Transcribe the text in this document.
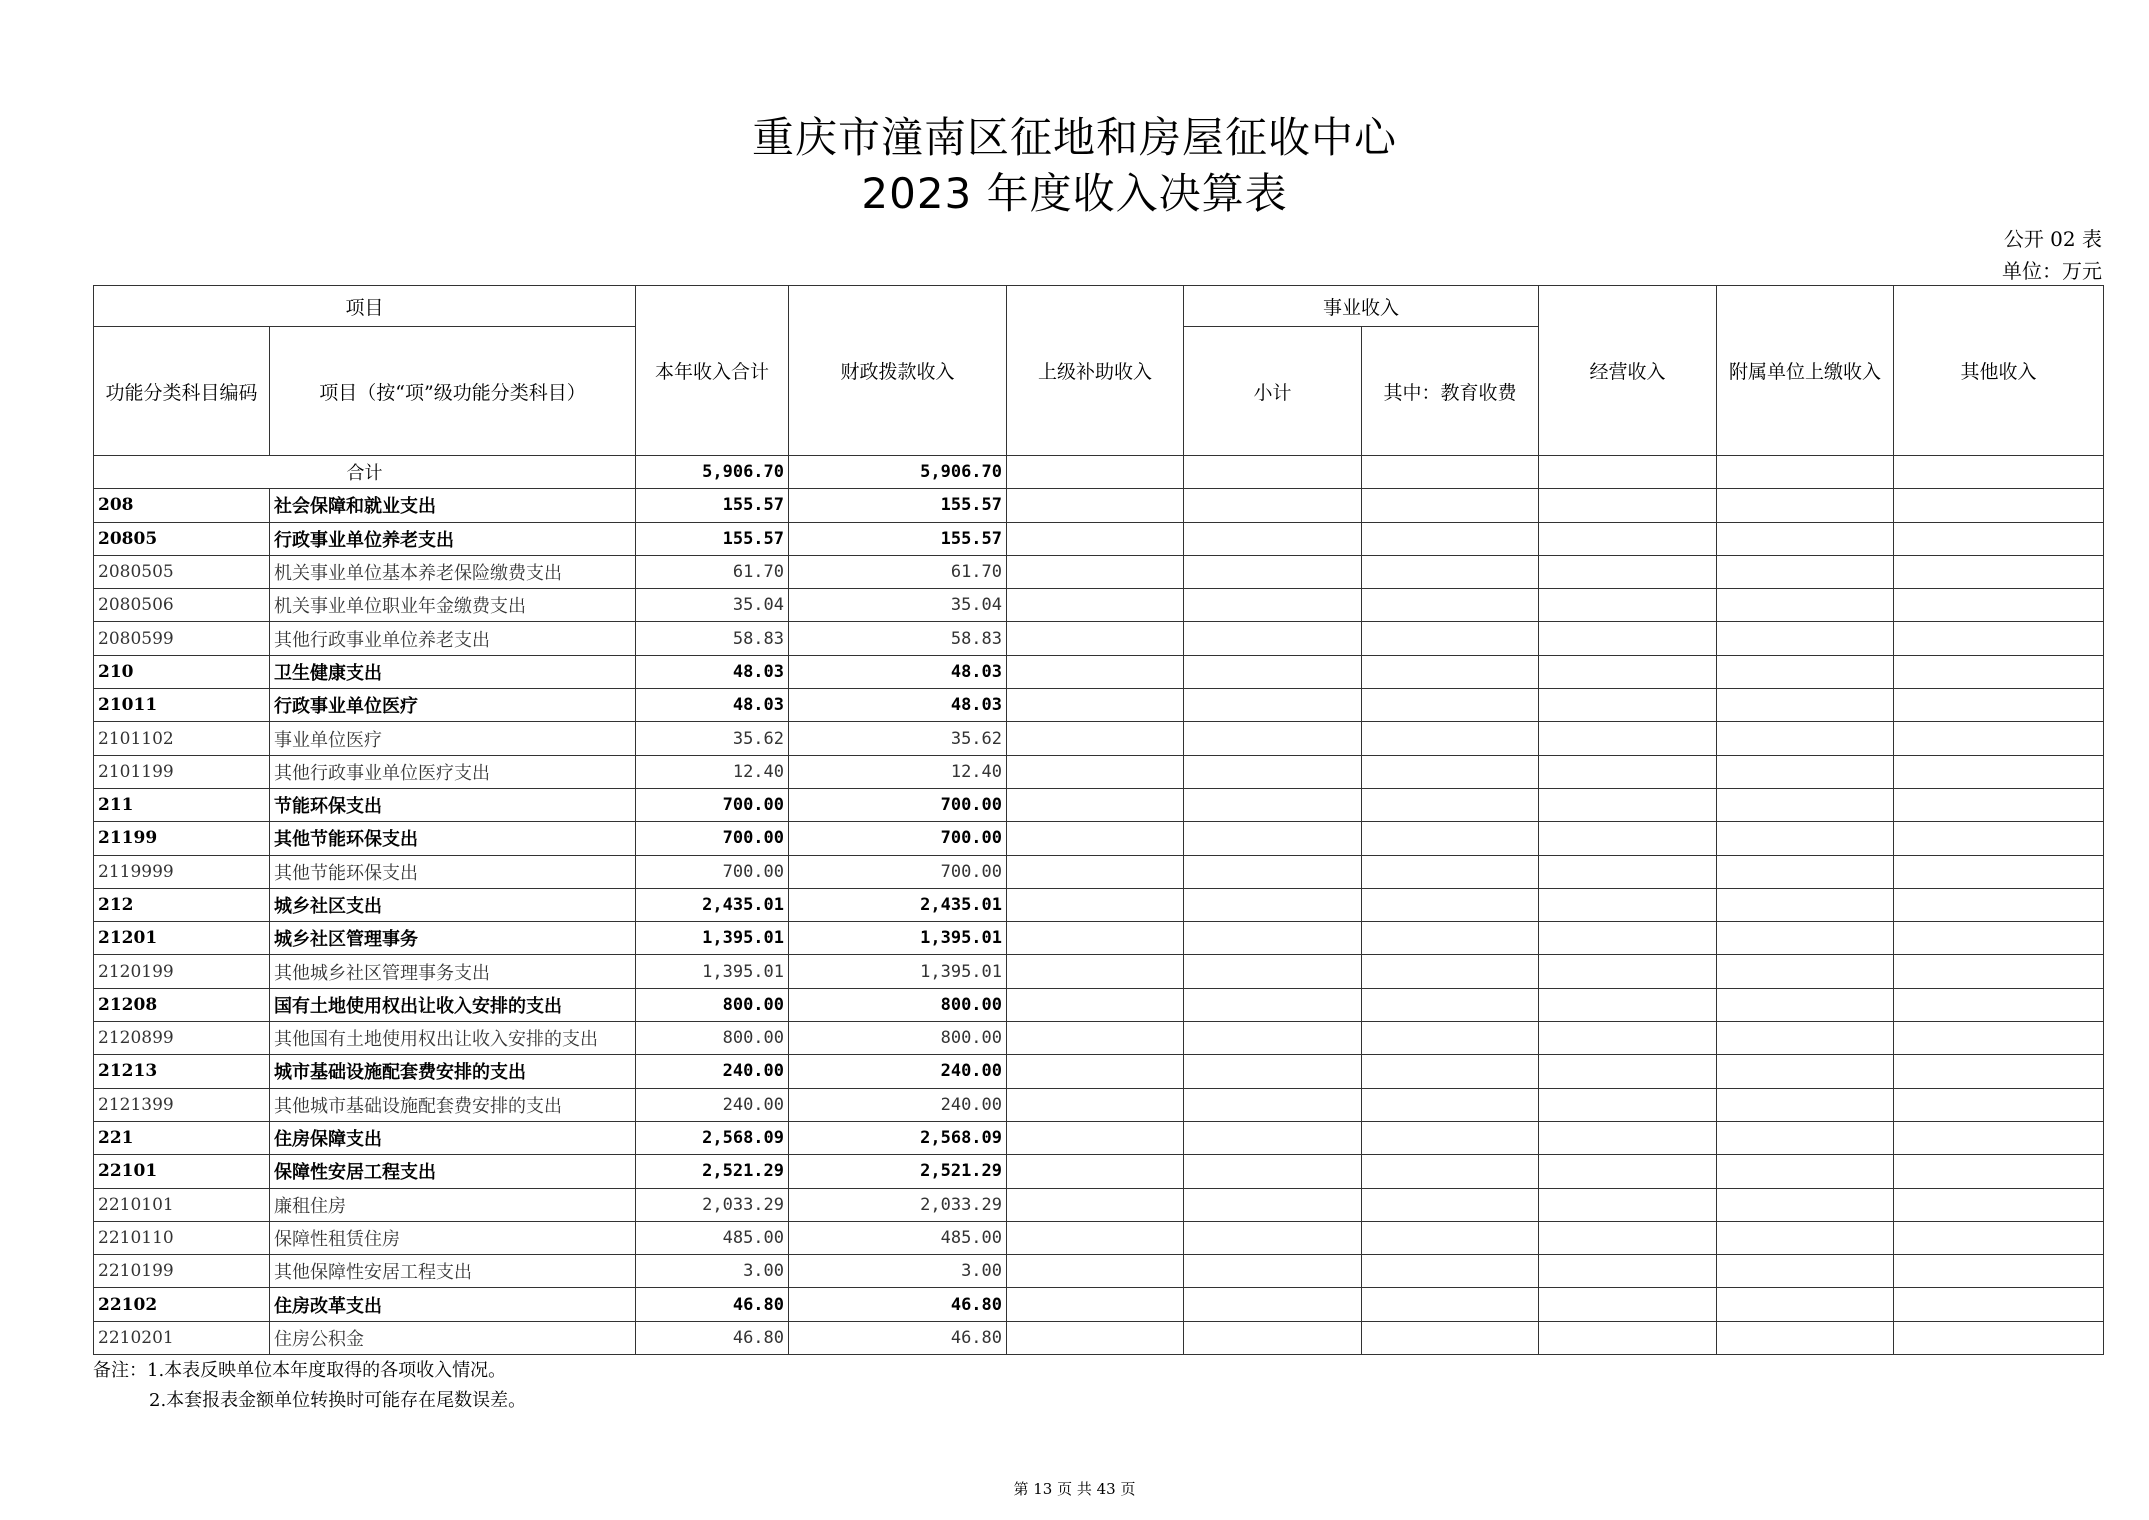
重庆市潼南区征地和房屋征收中心
2023 年度收入决算表
公开 02 表
单位：万元
项目		本年收入合计	财政拨款收入	上级补助收入	事业收入		经营收入	附属单位上缴收入	其他收入
功能分类科目编码	项目（按“项”级功能分类科目）				小计	其中：教育收费			
合计		5,906.70	5,906.70						
208	社会保障和就业支出	155.57	155.57						
20805	行政事业单位养老支出	155.57	155.57						
2080505	机关事业单位基本养老保险缴费支出	61.70	61.70						
2080506	机关事业单位职业年金缴费支出	35.04	35.04						
2080599	其他行政事业单位养老支出	58.83	58.83						
210	卫生健康支出	48.03	48.03						
21011	行政事业单位医疗	48.03	48.03						
2101102	事业单位医疗	35.62	35.62						
2101199	其他行政事业单位医疗支出	12.40	12.40						
211	节能环保支出	700.00	700.00						
21199	其他节能环保支出	700.00	700.00						
2119999	其他节能环保支出	700.00	700.00						
212	城乡社区支出	2,435.01	2,435.01						
21201	城乡社区管理事务	1,395.01	1,395.01						
2120199	其他城乡社区管理事务支出	1,395.01	1,395.01						
21208	国有土地使用权出让收入安排的支出	800.00	800.00						
2120899	其他国有土地使用权出让收入安排的支出	800.00	800.00						
21213	城市基础设施配套费安排的支出	240.00	240.00						
2121399	其他城市基础设施配套费安排的支出	240.00	240.00						
221	住房保障支出	2,568.09	2,568.09						
22101	保障性安居工程支出	2,521.29	2,521.29						
2210101	廉租住房	2,033.29	2,033.29						
2210110	保障性租赁住房	485.00	485.00						
2210199	其他保障性安居工程支出	3.00	3.00						
22102	住房改革支出	46.80	46.80						
2210201	住房公积金	46.80	46.80						
备注：1.本表反映单位本年度取得的各项收入情况。
2.本套报表金额单位转换时可能存在尾数误差。
第 13 页 共 43 页
